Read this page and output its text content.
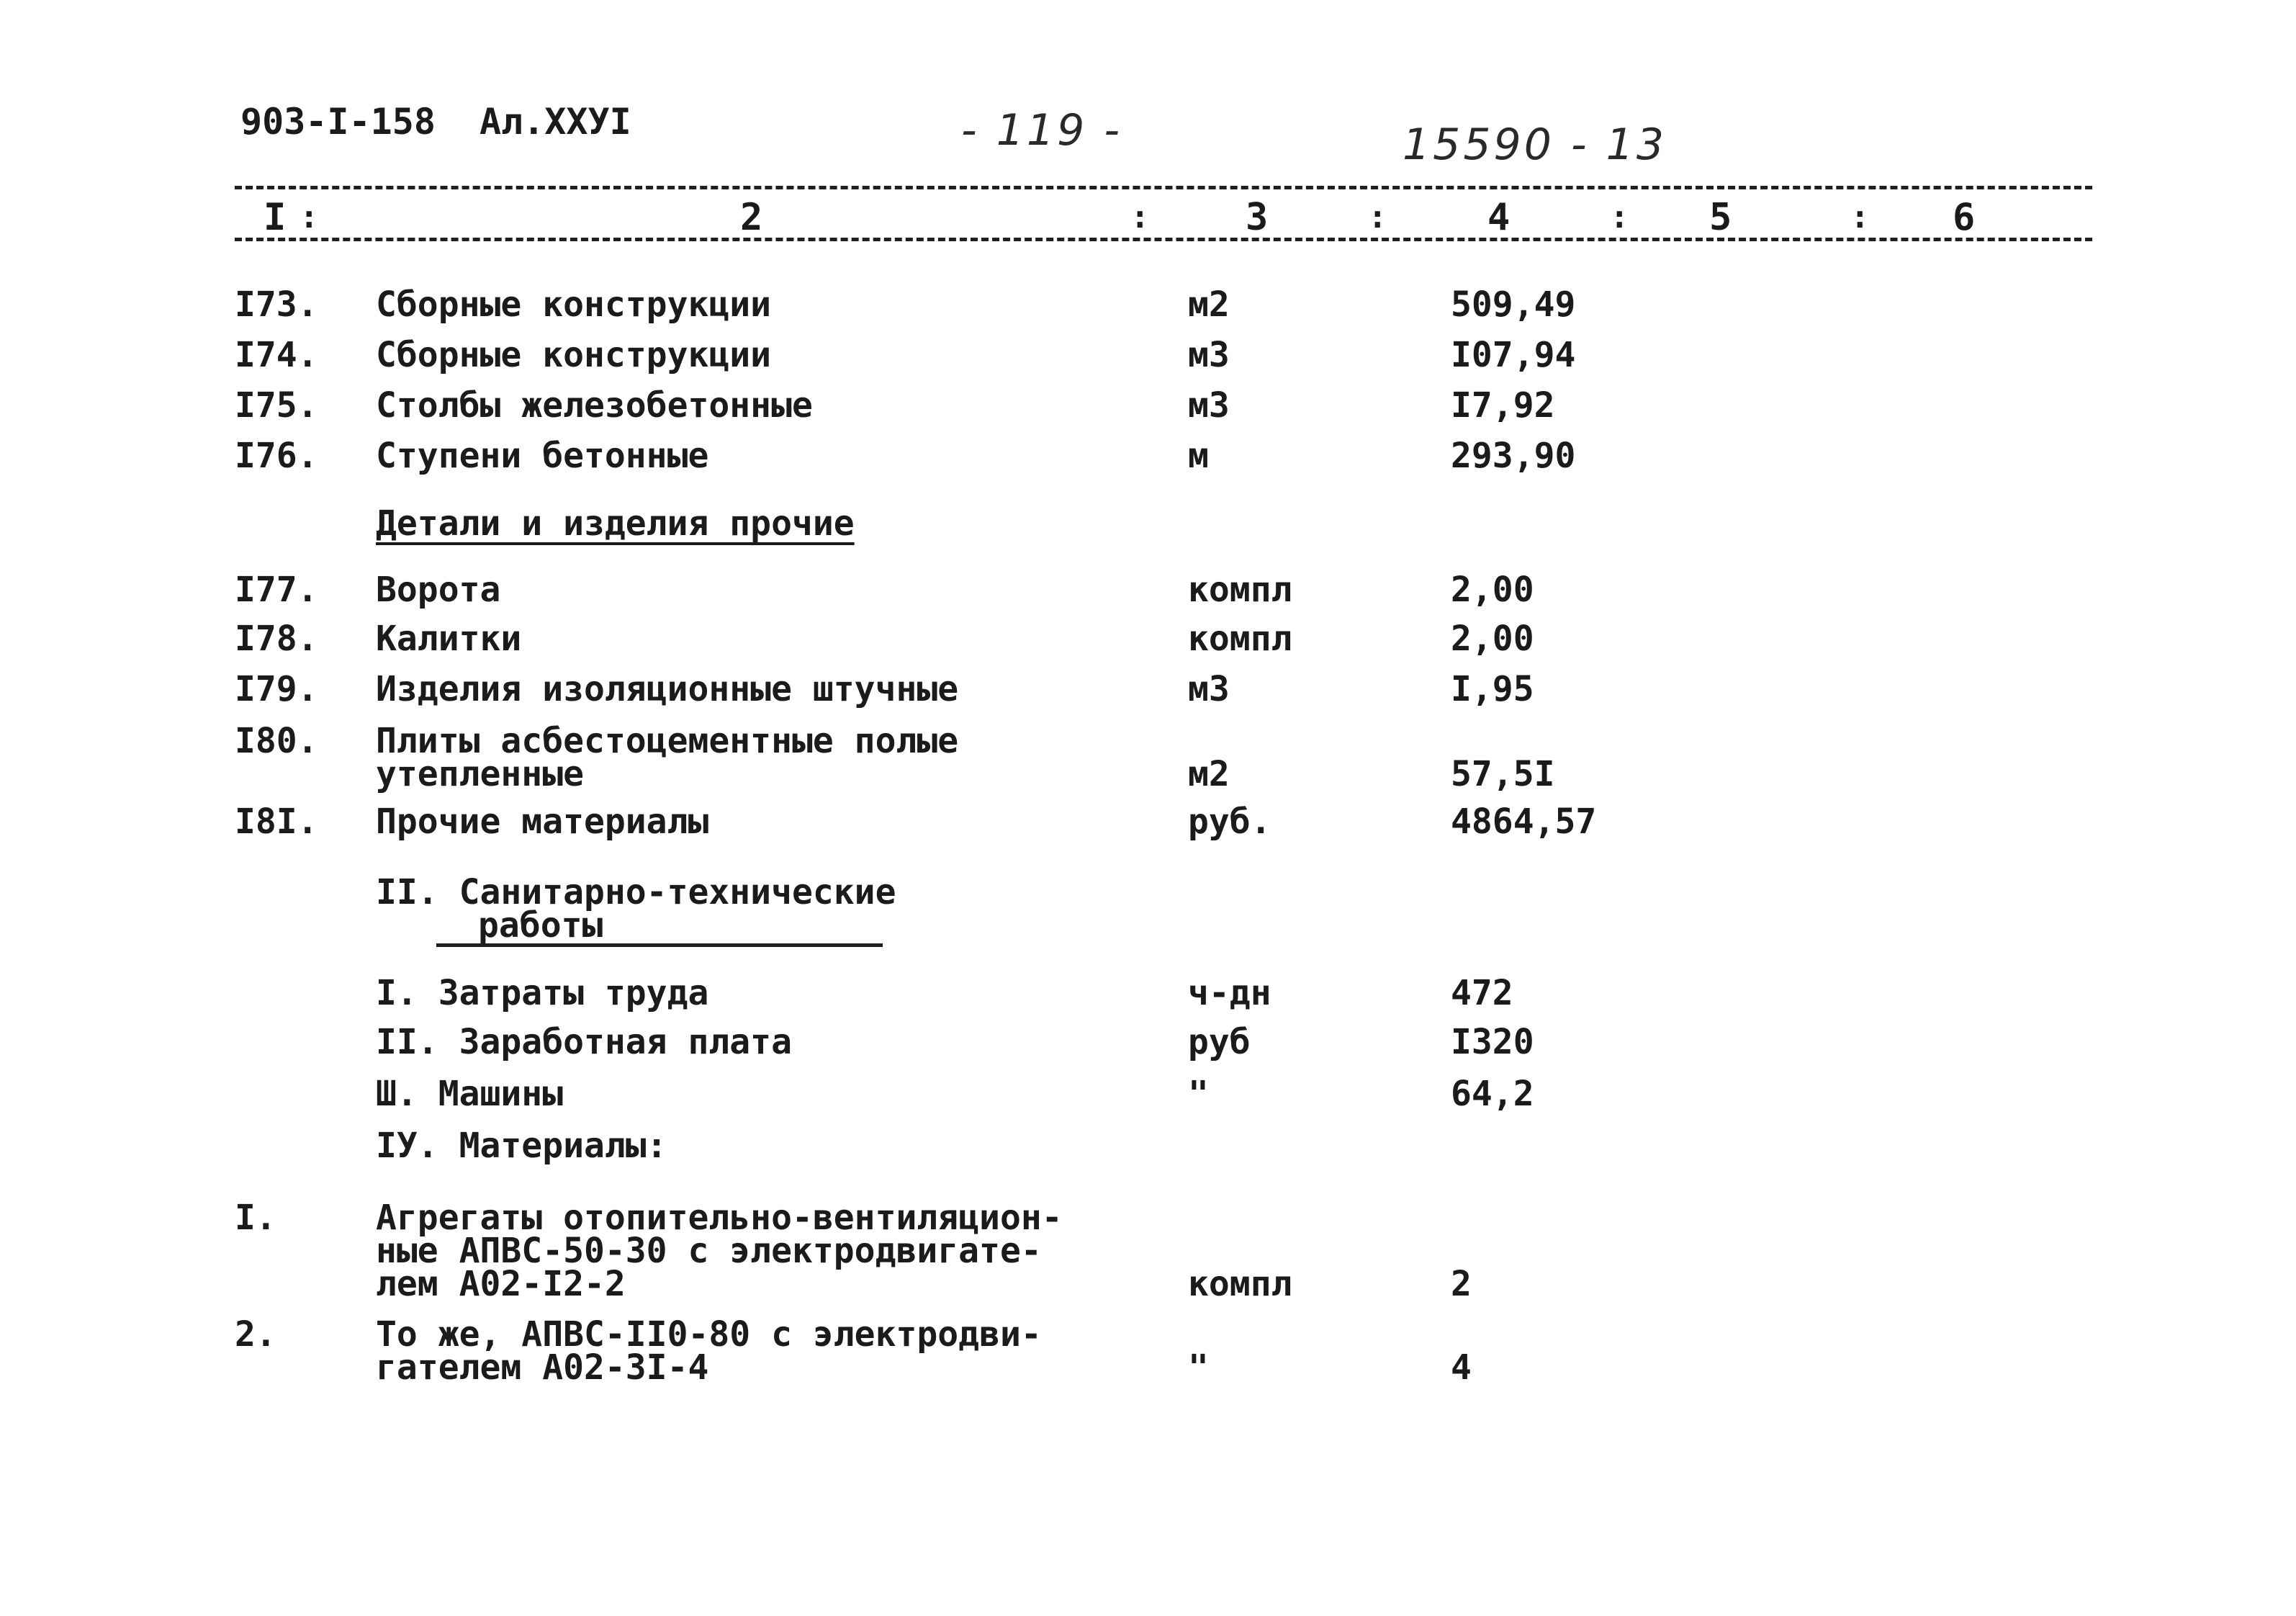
903-I-158 Ал.XXУI	- 119 -	15590 - 13
I :	2	:	3	:	4	: 5	: 6
I73. Сборные конструкции	м2	509,49
I74. Сборные конструкции	м3	I07,94
I75. Столбы железобетонные	м3	I7,92
I76. Ступени бетонные	м	293,90
Детали и изделия прочие
I77. Ворота	компл	2,00
I78. Калитки	компл	2,00
I79. Изделия изоляционные штучные	м3	I,95
I80. Плиты асбестоцементные полые
утепленные	м2	57,5I
I8I. Прочие материалы	руб.	4864,57
II. Санитарно-технические
работы
I. Затраты труда	ч-дн	472
II. Заработная плата	руб	I320
Ш. Машины	"	64,2
IУ. Материалы:
I.	Агрегаты отопительно-вентиляцион-
ные АПВС-50-30 с электродвигате-
лем А02-I2-2	компл	2
2.	То же, АПВС-II0-80 с электродви-
гателем А02-3I-4	"	4
